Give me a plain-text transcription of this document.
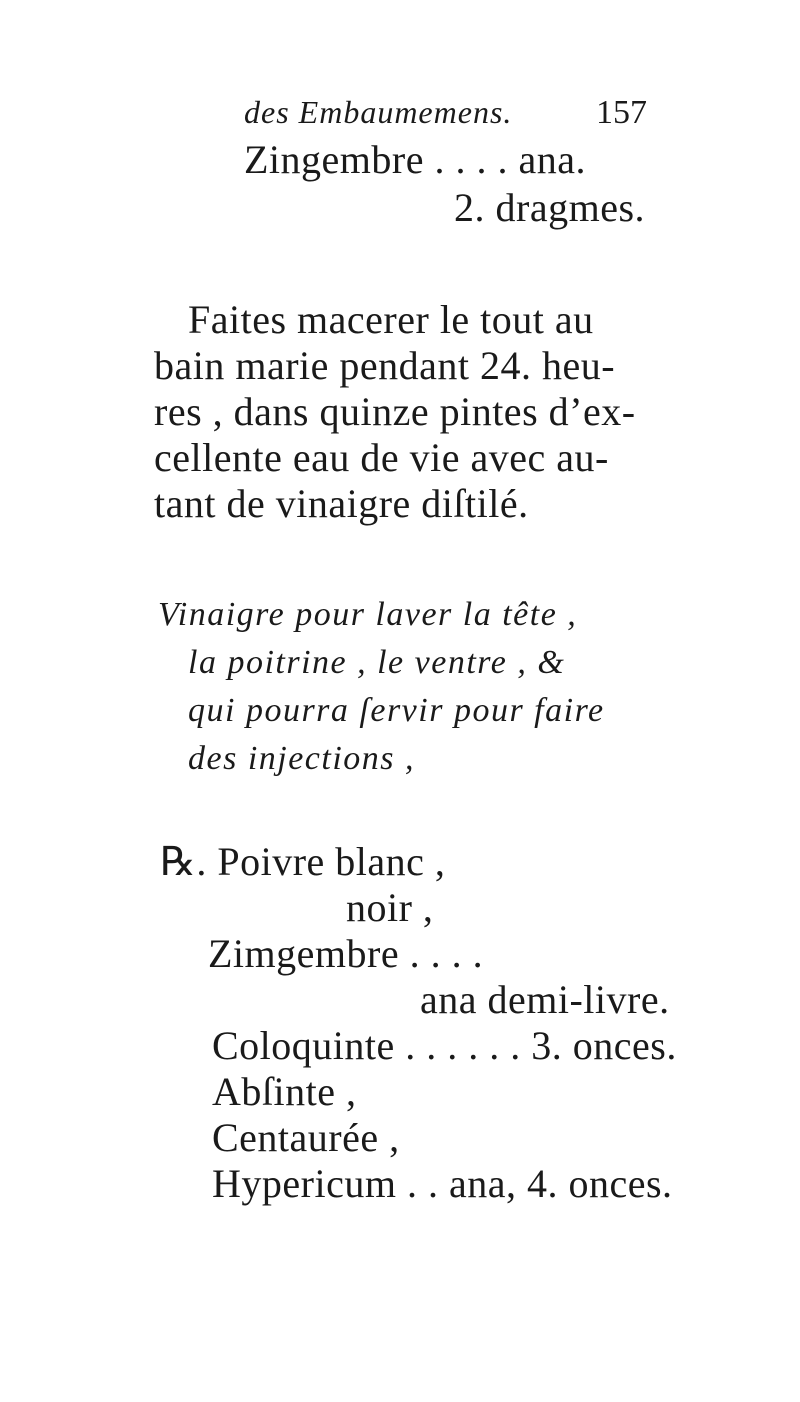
des Embaumemens. 157
Zingembre . . . . ana.
2. dragmes.
Faites macerer le tout au
bain marie pendant 24. heu-
res , dans quinze pintes d’ex-
cellente eau de vie avec au-
tant de vinaigre diſtilé.
Vinaigre pour laver la tête ,
la poitrine , le ventre , &
qui pourra ſervir pour faire
des injections ,
℞. Poivre blanc ,
noir ,
Zimgembre . . . .
ana demi-livre.
Coloquinte . . . . . . 3. onces.
Abſinte ,
Centaurée ,
Hypericum . . ana, 4. onces.
